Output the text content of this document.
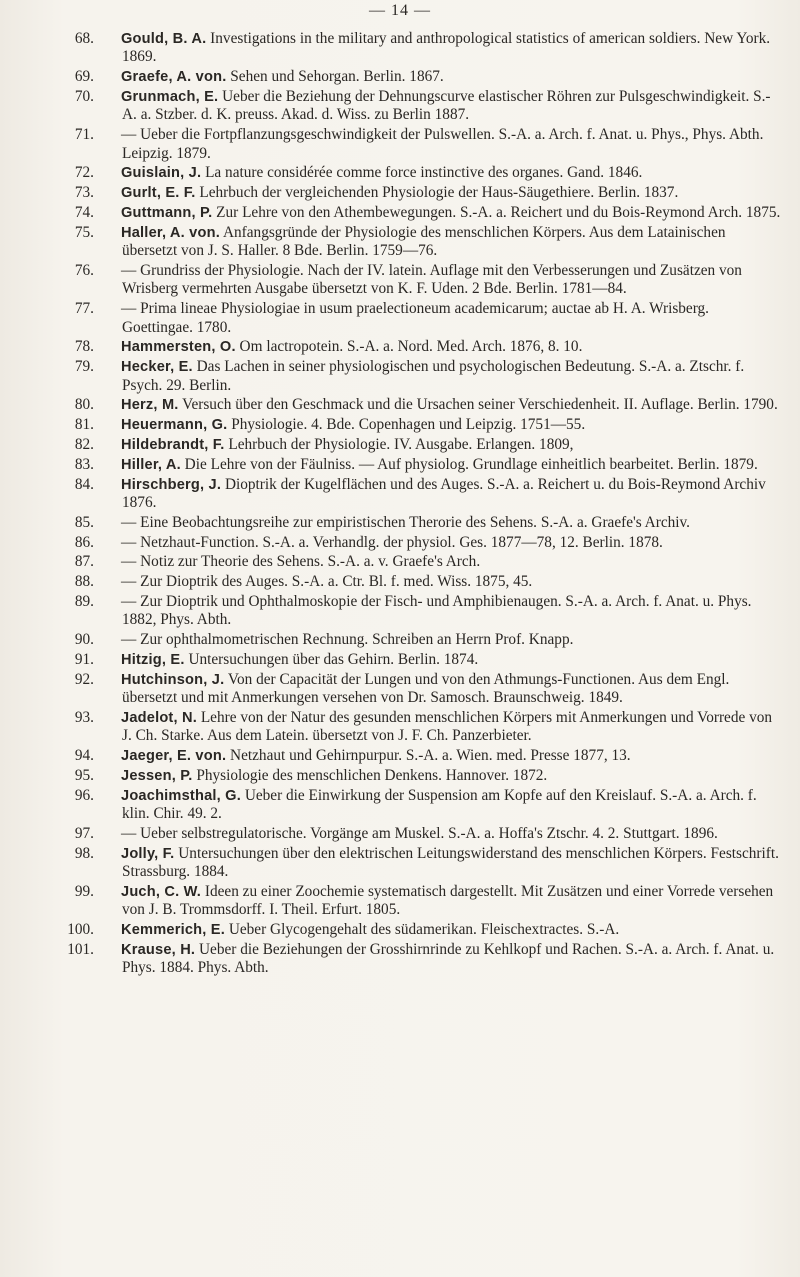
— 14 —
68. Gould, B. A. Investigations in the military and anthropological statistics of american soldiers. New York. 1869.
69. Graefe, A. von. Sehen und Sehorgan. Berlin. 1867.
70. Grunmach, E. Ueber die Beziehung der Dehnungscurve elastischer Röhren zur Pulsgeschwindigkeit. S.-A. a. Stzber. d. K. preuss. Akad. d. Wiss. zu Berlin 1887.
71. — Ueber die Fortpflanzungsgeschwindigkeit der Pulswellen. S.-A. a. Arch. f. Anat. u. Phys., Phys. Abth. Leipzig. 1879.
72. Guislain, J. La nature considérée comme force instinctive des organes. Gand. 1846.
73. Gurlt, E. F. Lehrbuch der vergleichenden Physiologie der Haus-Säugethiere. Berlin. 1837.
74. Guttmann, P. Zur Lehre von den Athembewegungen. S.-A. a. Reichert und du Bois-Reymond Arch. 1875.
75. Haller, A. von. Anfangsgründe der Physiologie des menschlichen Körpers. Aus dem Latainischen übersetzt von J. S. Haller. 8 Bde. Berlin. 1759—76.
76. — Grundriss der Physiologie. Nach der IV. latein. Auflage mit den Verbesserungen und Zusätzen von Wrisberg vermehrten Ausgabe übersetzt von K. F. Uden. 2 Bde. Berlin. 1781—84.
77. — Prima lineae Physiologiae in usum praelectioneum academicarum; auctae ab H. A. Wrisberg. Goettingae. 1780.
78. Hammersten, O. Om lactropotein. S.-A. a. Nord. Med. Arch. 1876, 8. 10.
79. Hecker, E. Das Lachen in seiner physiologischen und psychologischen Bedeutung. S.-A. a. Ztschr. f. Psych. 29. Berlin.
80. Herz, M. Versuch über den Geschmack und die Ursachen seiner Verschiedenheit. II. Auflage. Berlin. 1790.
81. Heuermann, G. Physiologie. 4. Bde. Copenhagen und Leipzig. 1751—55.
82. Hildebrandt, F. Lehrbuch der Physiologie. IV. Ausgabe. Erlangen. 1809,
83. Hiller, A. Die Lehre von der Fäulniss. — Auf physiolog. Grundlage einheitlich bearbeitet. Berlin. 1879.
84. Hirschberg, J. Dioptrik der Kugelflächen und des Auges. S.-A. a. Reichert u. du Bois-Reymond Archiv 1876.
85. — Eine Beobachtungsreihe zur empiristischen Therorie des Sehens. S.-A. a. Graefe's Archiv.
86. — Netzhaut-Function. S.-A. a. Verhandlg. der physiol. Ges. 1877—78, 12. Berlin. 1878.
87. — Notiz zur Theorie des Sehens. S.-A. a. v. Graefe's Arch.
88. — Zur Dioptrik des Auges. S.-A. a. Ctr. Bl. f. med. Wiss. 1875, 45.
89. — Zur Dioptrik und Ophthalmoskopie der Fisch- und Amphibienaugen. S.-A. a. Arch. f. Anat. u. Phys. 1882, Phys. Abth.
90. — Zur ophthalmometrischen Rechnung. Schreiben an Herrn Prof. Knapp.
91. Hitzig, E. Untersuchungen über das Gehirn. Berlin. 1874.
92. Hutchinson, J. Von der Capacität der Lungen und von den Athmungs-Functionen. Aus dem Engl. übersetzt und mit Anmerkungen versehen von Dr. Samosch. Braunschweig. 1849.
93. Jadelot, N. Lehre von der Natur des gesunden menschlichen Körpers mit Anmerkungen und Vorrede von J. Ch. Starke. Aus dem Latein. übersetzt von J. F. Ch. Panzerbieter.
94. Jaeger, E. von. Netzhaut und Gehirnpurpur. S.-A. a. Wien. med. Presse 1877, 13.
95. Jessen, P. Physiologie des menschlichen Denkens. Hannover. 1872.
96. Joachimsthal, G. Ueber die Einwirkung der Suspension am Kopfe auf den Kreislauf. S.-A. a. Arch. f. klin. Chir. 49. 2.
97. — Ueber selbstregulatorische. Vorgänge am Muskel. S.-A. a. Hoffa's Ztschr. 4. 2. Stuttgart. 1896.
98. Jolly, F. Untersuchungen über den elektrischen Leitungswiderstand des menschlichen Körpers. Festschrift. Strassburg. 1884.
99. Juch, C. W. Ideen zu einer Zoochemie systematisch dargestellt. Mit Zusätzen und einer Vorrede versehen von J. B. Trommsdorff. I. Theil. Erfurt. 1805.
100. Kemmerich, E. Ueber Glycogengehalt des südamerikan. Fleischextractes. S.-A.
101. Krause, H. Ueber die Beziehungen der Grosshirnrinde zu Kehlkopf und Rachen. S.-A. a. Arch. f. Anat. u. Phys. 1884. Phys. Abth.
